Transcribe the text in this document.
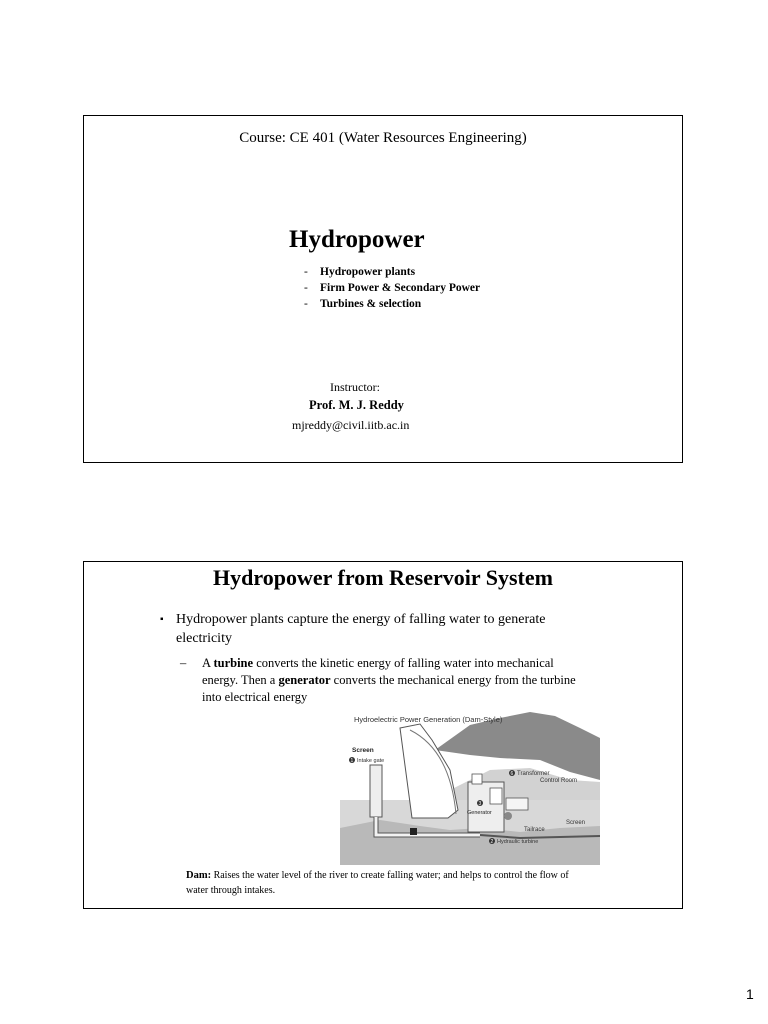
Course: CE 401 (Water Resources Engineering)
Hydropower
- Hydropower plants
- Firm Power & Secondary Power
- Turbines & selection
Instructor:
Prof. M. J. Reddy
mjreddy@civil.iitb.ac.in
Hydropower from Reservoir System
▪ Hydropower plants capture the energy of falling water to generate electricity
– A turbine converts the kinetic energy of falling water into mechanical energy. Then a generator converts the mechanical energy from the turbine into electrical energy
Hydroelectric Power Generation (Dam-Style)
Screen
1 Intake gate
6 Transformer
Control Room
3
Generator
Screen
Tailrace
2 Hydraulic turbine
Dam: Raises the water level of the river to create falling water; and helps to control the flow of water through intakes.
1
